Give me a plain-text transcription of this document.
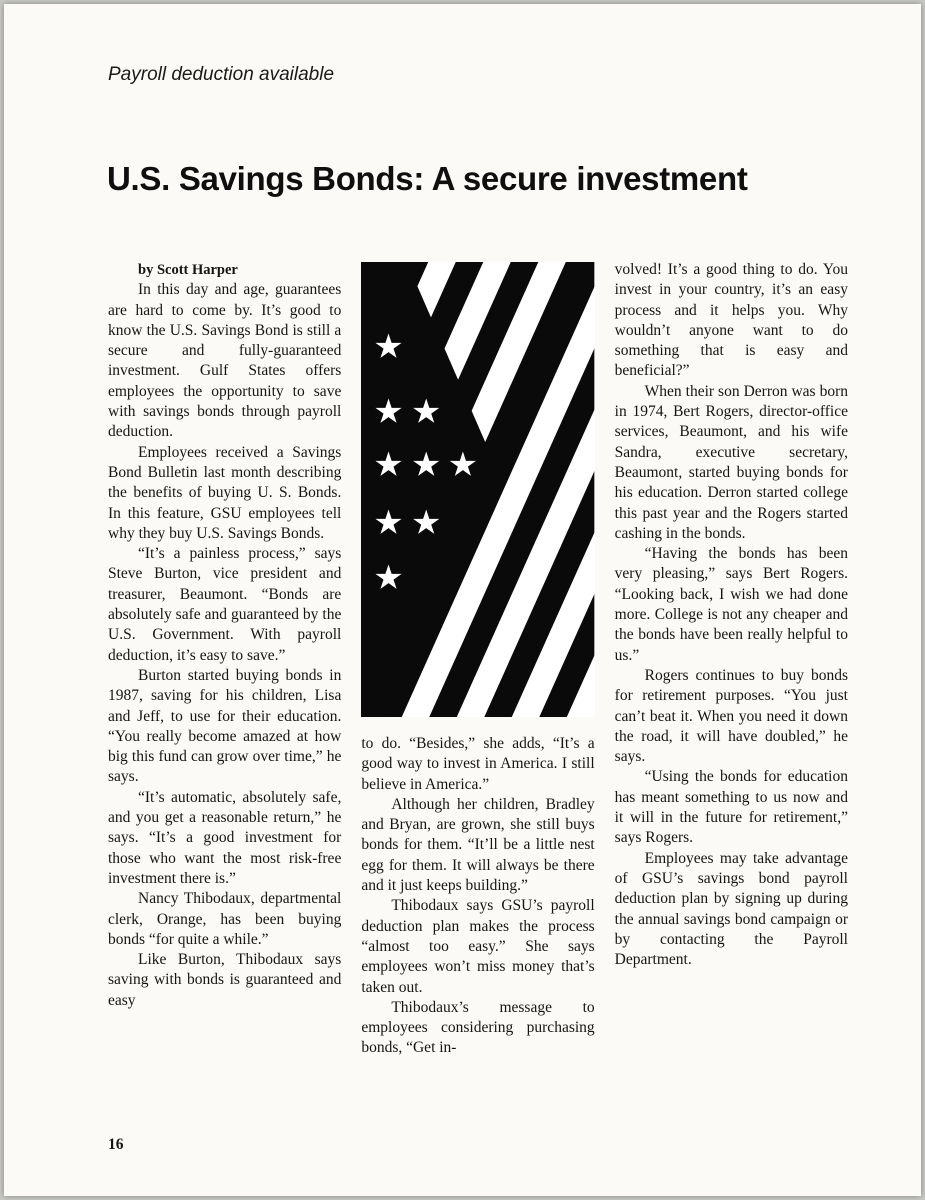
Payroll deduction available
U.S. Savings Bonds: A secure investment

by Scott Harper

In this day and age, guarantees are hard to come by. It’s good to know the U.S. Savings Bond is still a secure and fully-guaranteed investment. Gulf States offers employees the opportunity to save with savings bonds through payroll deduction.

Employees received a Savings Bond Bulletin last month describing the benefits of buying U. S. Bonds. In this feature, GSU employees tell why they buy U.S. Savings Bonds.

“It’s a painless process,” says Steve Burton, vice president and treasurer, Beaumont. “Bonds are absolutely safe and guaranteed by the U.S. Government. With payroll deduction, it’s easy to save.”

Burton started buying bonds in 1987, saving for his children, Lisa and Jeff, to use for their education. “You really become amazed at how big this fund can grow over time,” he says.

“It’s automatic, absolutely safe, and you get a reasonable return,” he says. “It’s a good investment for those who want the most risk-free investment there is.”

Nancy Thibodaux, departmental clerk, Orange, has been buying bonds “for quite a while.”

Like Burton, Thibodaux says saving with bonds is guaranteed and easy

to do. “Besides,” she adds, “It’s a good way to invest in America. I still believe in America.”

Although her children, Bradley and Bryan, are grown, she still buys bonds for them. “It’ll be a little nest egg for them. It will always be there and it just keeps building.”

Thibodaux says GSU’s payroll deduction plan makes the process “almost too easy.” She says employees won’t miss money that’s taken out.

Thibodaux’s message to employees considering purchasing bonds, “Get in-

volved! It’s a good thing to do. You invest in your country, it’s an easy process and it helps you. Why wouldn’t anyone want to do something that is easy and beneficial?”

When their son Derron was born in 1974, Bert Rogers, director-office services, Beaumont, and his wife Sandra, executive secretary, Beaumont, started buying bonds for his education. Derron started college this past year and the Rogers started cashing in the bonds.

“Having the bonds has been very pleasing,” says Bert Rogers. “Looking back, I wish we had done more. College is not any cheaper and the bonds have been really helpful to us.”

Rogers continues to buy bonds for retirement purposes. “You just can’t beat it. When you need it down the road, it will have doubled,” he says.

“Using the bonds for education has meant something to us now and it will in the future for retirement,” says Rogers.

Employees may take advantage of GSU’s savings bond payroll deduction plan by signing up during the annual savings bond campaign or by contacting the Payroll Department.

16
